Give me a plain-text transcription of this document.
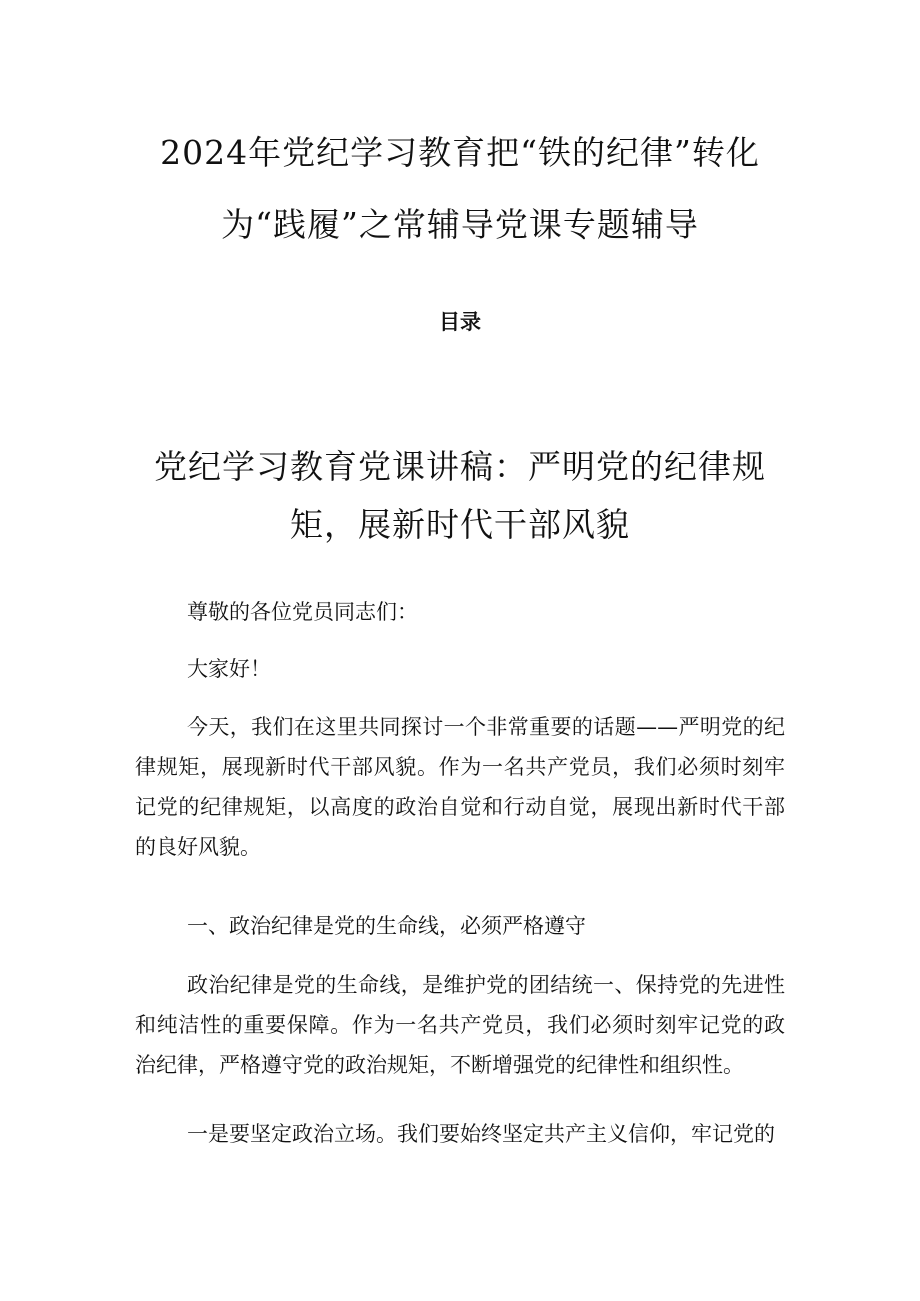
2024年党纪学习教育把“铁的纪律”转化
为“践履”之常辅导党课专题辅导
目录
党纪学习教育党课讲稿：严明党的纪律规
矩，展新时代干部风貌

尊敬的各位党员同志们：

大家好！

今天，我们在这里共同探讨一个非常重要的话题——严明党的纪律规矩，展现新时代干部风貌。作为一名共产党员，我们必须时刻牢记党的纪律规矩，以高度的政治自觉和行动自觉，展现出新时代干部的良好风貌。

一、政治纪律是党的生命线，必须严格遵守

政治纪律是党的生命线，是维护党的团结统一、保持党的先进性和纯洁性的重要保障。作为一名共产党员，我们必须时刻牢记党的政治纪律，严格遵守党的政治规矩，不断增强党的纪律性和组织性。

一是要坚定政治立场。我们要始终坚定共产主义信仰，牢记党的
